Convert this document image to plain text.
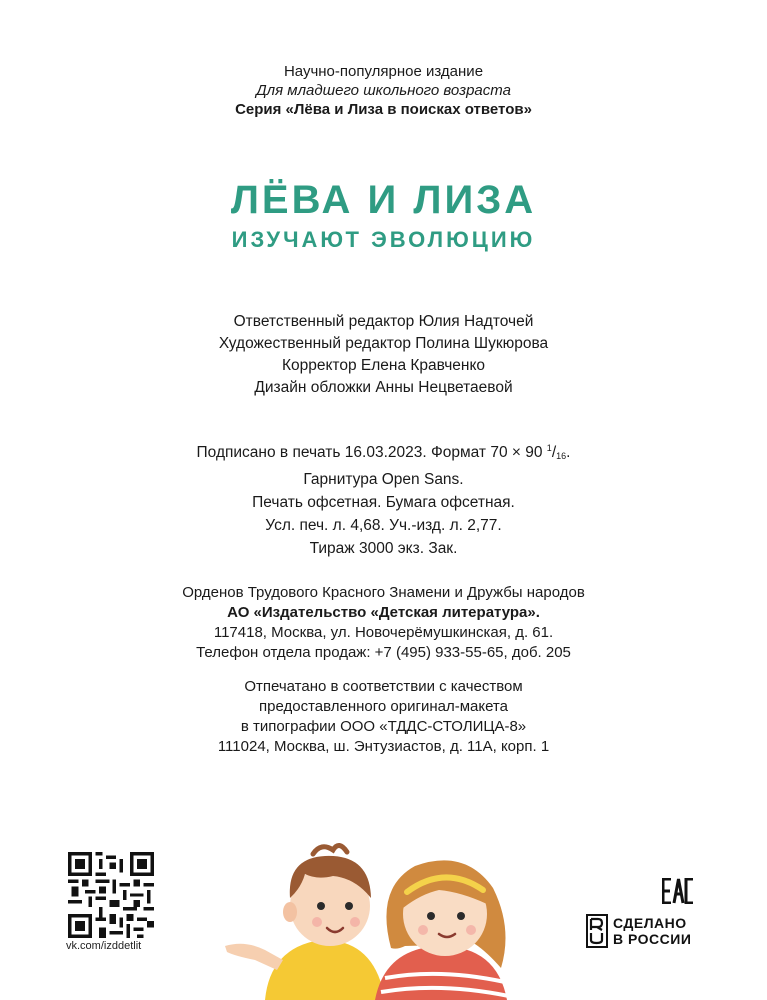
Научно-популярное издание
Для младшего школьного возраста
Серия «Лёва и Лиза в поисках ответов»
ЛЁВА И ЛИЗА
ИЗУЧАЮТ ЭВОЛЮЦИЮ
Ответственный редактор Юлия Надточей
Художественный редактор Полина Шукюрова
Корректор Елена Кравченко
Дизайн обложки Анны Нецветаевой
Подписано в печать 16.03.2023. Формат 70 × 90 $^1/_{16}$.
Гарнитура Open Sans.
Печать офсетная. Бумага офсетная.
Усл. печ. л. 4,68. Уч.-изд. л. 2,77.
Тираж 3000 экз. Зак.
Орденов Трудового Красного Знамени и Дружбы народов
АО «Издательство «Детская литература».
117418, Москва, ул. Новочерёмушкинская, д. 61.
Телефон отдела продаж: +7 (495) 933-55-65, доб. 205
Отпечатано в соответствии с качеством
предоставленного оригинал-макета
в типографии ООО «ТДДС-СТОЛИЦА-8»
111024, Москва, ш. Энтузиастов, д. 11А, корп. 1
vk.com/izddetlit
ЕАС
СДЕЛАНО
В РОССИИ
